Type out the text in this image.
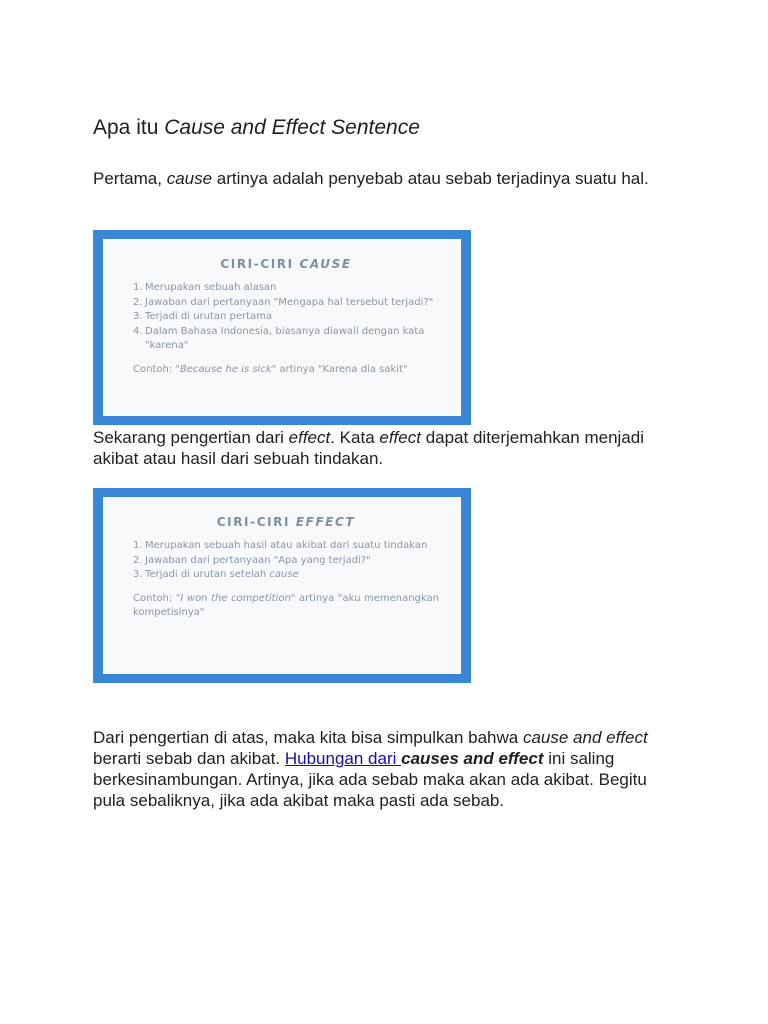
Apa itu Cause and Effect Sentence

Pertama, cause artinya adalah penyebab atau sebab terjadinya suatu hal.

CIRI-CIRI CAUSE
1. Merupakan sebuah alasan
2. Jawaban dari pertanyaan "Mengapa hal tersebut terjadi?"
3. Terjadi di urutan pertama
4. Dalam Bahasa Indonesia, biasanya diawali dengan kata "karena"
Contoh: "Because he is sick" artinya "Karena dia sakit"

Sekarang pengertian dari effect. Kata effect dapat diterjemahkan menjadi akibat atau hasil dari sebuah tindakan.

CIRI-CIRI EFFECT
1. Merupakan sebuah hasil atau akibat dari suatu tindakan
2. Jawaban dari pertanyaan "Apa yang terjadi?"
3. Terjadi di urutan setelah cause
Contoh: "I won the competition" artinya "aku memenangkan kompetisinya"

Dari pengertian di atas, maka kita bisa simpulkan bahwa cause and effect berarti sebab dan akibat. Hubungan dari causes and effect ini saling berkesinambungan. Artinya, jika ada sebab maka akan ada akibat. Begitu pula sebaliknya, jika ada akibat maka pasti ada sebab.
